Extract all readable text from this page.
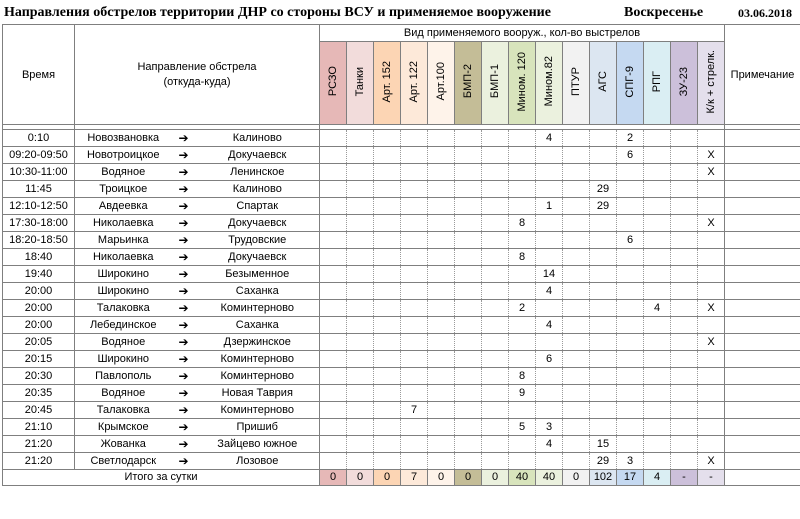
Направления обстрелов территории ДНР со стороны ВСУ и применяемое вооружение	Воскресенье	03.06.2018
Время	Направление обстрела (откуда-куда)			Вид применяемого вооруж., кол-во выстрелов															Примечание
				РСЗО	Танки	Арт. 152	Арт. 122	Арт.100	БМП-2	БМП-1	Мином. 120	Мином.82	ПТУР	АГС	СПГ-9	РПГ	ЗУ-23	К/к + стрелк.	

0:10	Новозвановка	➔	Калиново									4			2				
09:20-09:50	Новотроицкое	➔	Докучаевск												6			X	
10:30-11:00	Водяное	➔	Ленинское															X	
11:45	Троицкое	➔	Калиново											29					
12:10-12:50	Авдеевка	➔	Спартак									1		29					
17:30-18:00	Николаевка	➔	Докучаевск								8							X	
18:20-18:50	Марьинка	➔	Трудовские												6				
18:40	Николаевка	➔	Докучаевск								8								
19:40	Широкино	➔	Безыменное									14							
20:00	Широкино	➔	Саханка									4							
20:00	Талаковка	➔	Коминтерново								2					4		X	
20:00	Лебединское	➔	Саханка									4							
20:05	Водяное	➔	Дзержинское															X	
20:15	Широкино	➔	Коминтерново									6							
20:30	Павлополь	➔	Коминтерново								8								
20:35	Водяное	➔	Новая Таврия								9								
20:45	Талаковка	➔	Коминтерново				7												
21:10	Крымское	➔	Пришиб								5	3							
21:20	Жованка	➔	Зайцево южное									4		15					
21:20	Светлодарск	➔	Лозовое											29	3			X	
Итого за сутки				0	0	0	7	0	0	0	40	40	0	102	17	4	-	-	
